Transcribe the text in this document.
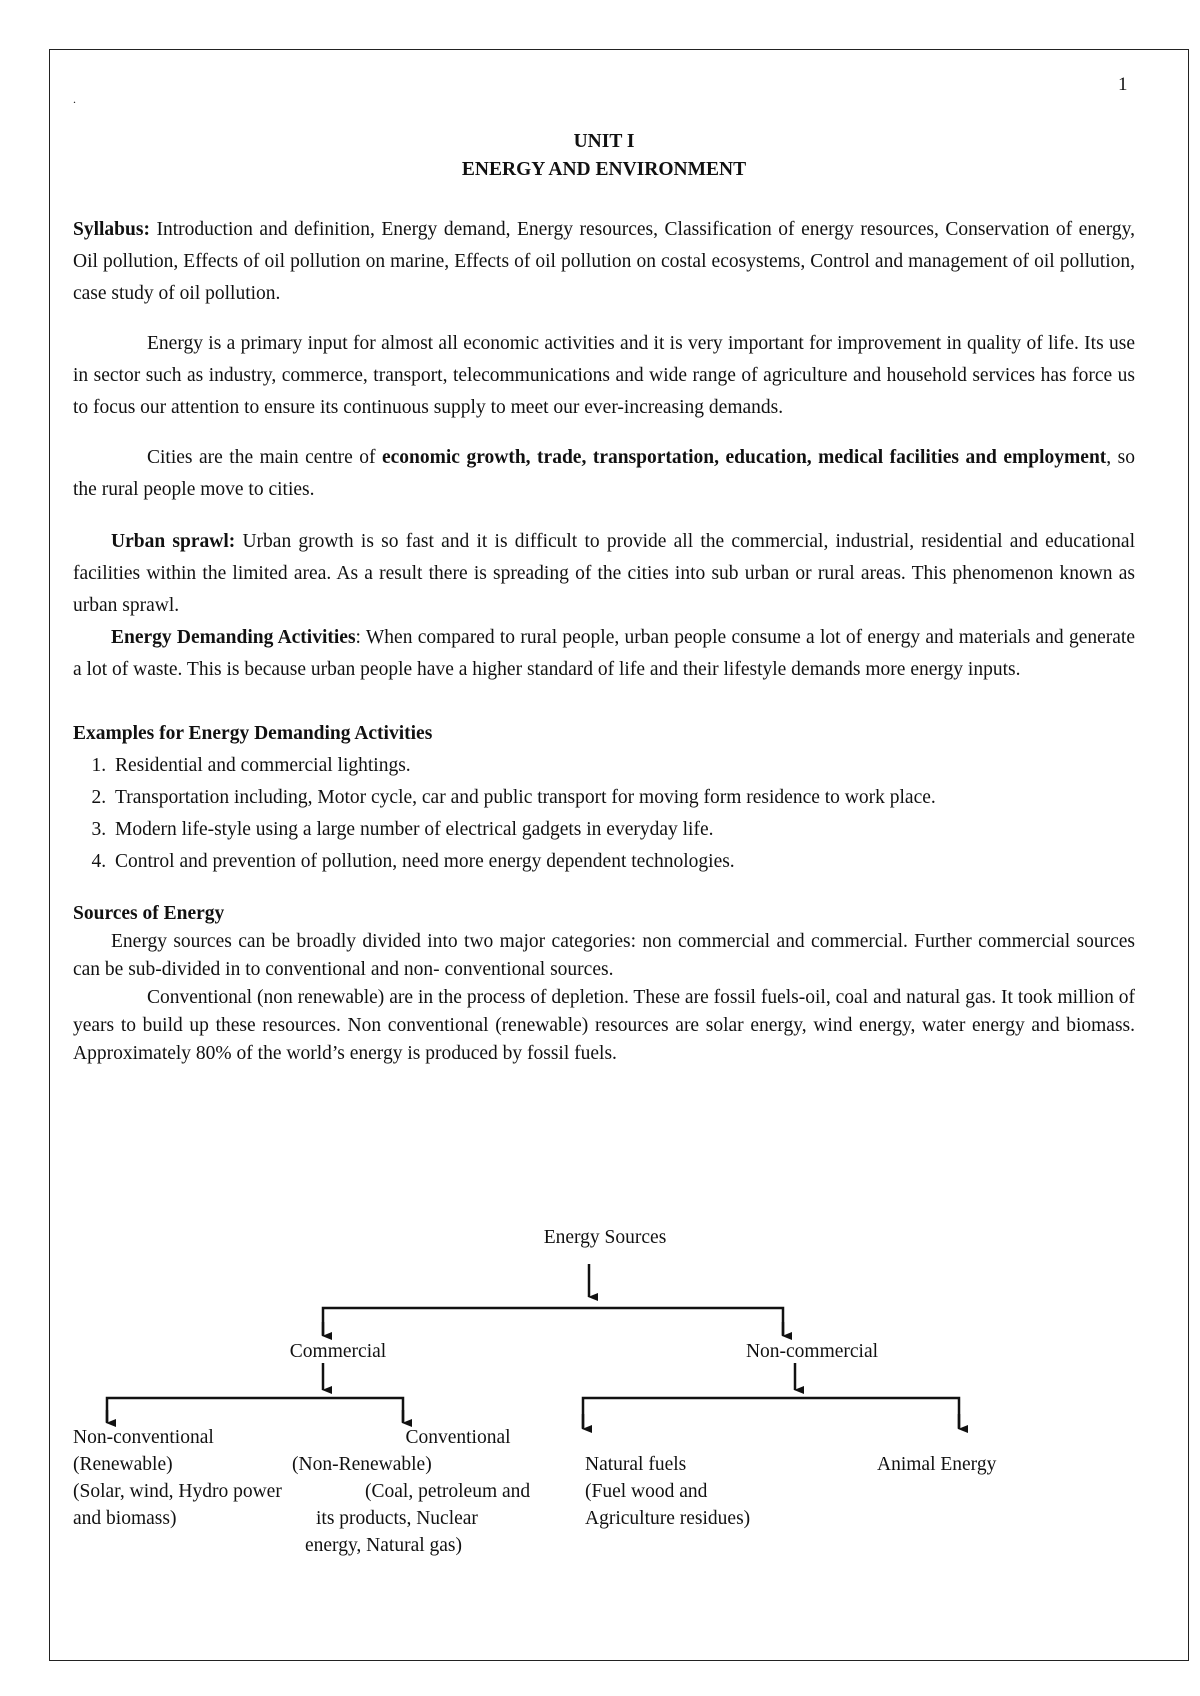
1
.
UNIT I
ENERGY AND ENVIRONMENT

Syllabus: Introduction and definition, Energy demand, Energy resources, Classification of energy resources, Conservation of energy, Oil pollution, Effects of oil pollution on marine, Effects of oil pollution on costal ecosystems, Control and management of oil pollution, case study of oil pollution.

Energy is a primary input for almost all economic activities and it is very important for improvement in quality of life. Its use in sector such as industry, commerce, transport, telecommunications and wide range of agriculture and household services has force us to focus our attention to ensure its continuous supply to meet our ever-increasing demands.

Cities are the main centre of economic growth, trade, transportation, education, medical facilities and employment, so the rural people move to cities.

Urban sprawl: Urban growth is so fast and it is difficult to provide all the commercial, industrial, residential and educational facilities within the limited area. As a result there is spreading of the cities into sub urban or rural areas. This phenomenon known as urban sprawl.

Energy Demanding Activities: When compared to rural people, urban people consume a lot of energy and materials and generate a lot of waste. This is because urban people have a higher standard of life and their lifestyle demands more energy inputs.

Examples for Energy Demanding Activities

1. Residential and commercial lightings.
2. Transportation including, Motor cycle, car and public transport for moving form residence to work place.
3. Modern life-style using a large number of electrical gadgets in everyday life.
4. Control and prevention of pollution, need more energy dependent technologies.

Sources of Energy

Energy sources can be broadly divided into two major categories: non commercial and commercial. Further commercial sources can be sub-divided in to conventional and non- conventional sources.

Conventional (non renewable) are in the process of depletion. These are fossil fuels-oil, coal and natural gas. It took million of years to build up these resources. Non conventional (renewable) resources are solar energy, wind energy, water energy and biomass. Approximately 80% of the world’s energy is produced by fossil fuels.

Energy Sources
Commercial	Non-commercial
Non-conventional
(Renewable)
(Solar, wind, Hydro power
and biomass)
Conventional
(Non-Renewable)
(Coal, petroleum and
its products, Nuclear
energy, Natural gas)
Natural fuels
(Fuel wood and
Agriculture residues)
Animal Energy
